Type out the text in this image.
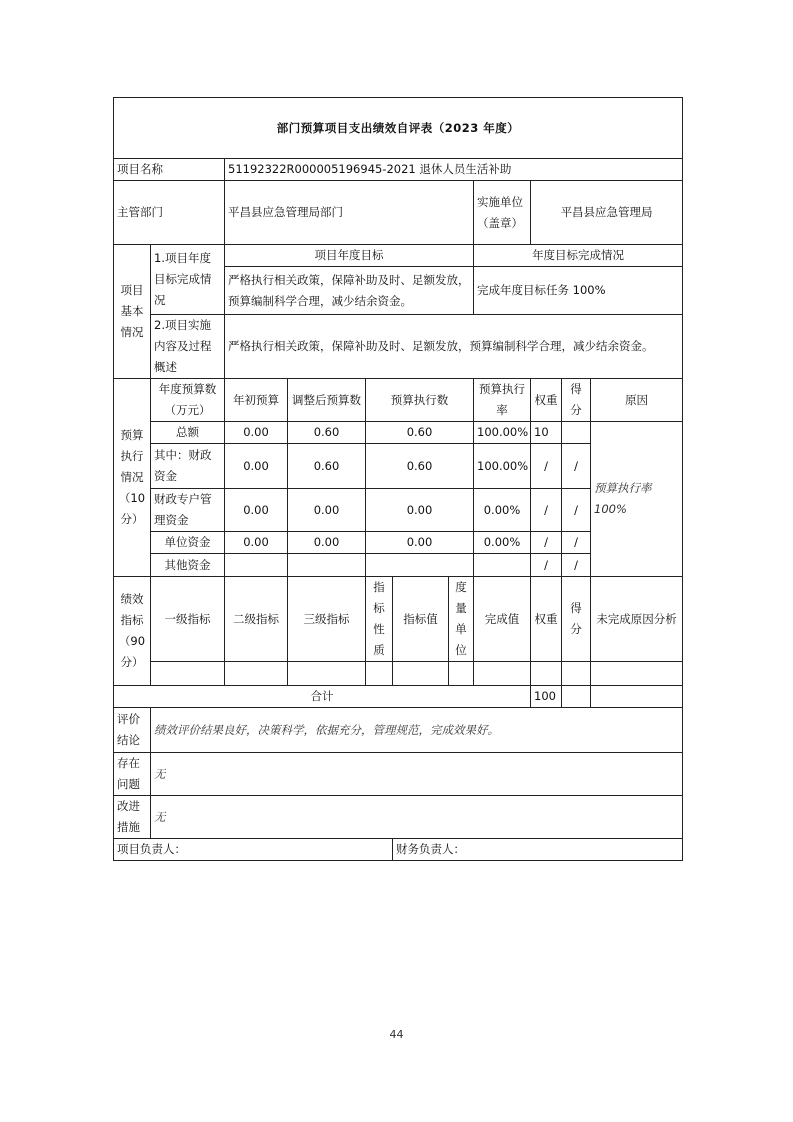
部门预算项目支出绩效自评表（2023 年度）										
项目名称		51192322R000005196945-2021 退休人员生活补助								
主管部门		平昌县应急管理局部门					实施单位（盖章）	平昌县应急管理局		
项目基本情况	1.项目年度目标完成情况	项目年度目标					年度目标完成情况			
		严格执行相关政策，保障补助及时、足额发放，预算编制科学合理，减少结余资金。					完成年度目标任务 100%			

	2.项目实施内容及过程概述	严格执行相关政策，保障补助及时、足额发放，预算编制科学合理，减少结余资金。								
预算执行情况（10分）	年度预算数（万元）	年初预算	调整后预算数	预算执行数			预算执行率	权重	得分	原因
	总额	0.00	0.60	0.60			100.00%	10		预算执行率 100%
	其中：财政资金	0.00	0.60	0.60			100.00%	/	/	
	财政专户管理资金	0.00	0.00	0.00			0.00%	/	/	
	单位资金	0.00	0.00	0.00			0.00%	/	/	
	其他资金							/	/	
绩效指标（90分）	一级指标	二级指标	三级指标	指标性质	指标值	度量单位	完成值	权重	得分	未完成原因分析

合计								100		
评价结论	绩效评价结果良好，决策科学，依据充分，管理规范，完成效果好。									
存在问题	无									
改进措施	无									
项目负责人：					财务负责人：					
44
